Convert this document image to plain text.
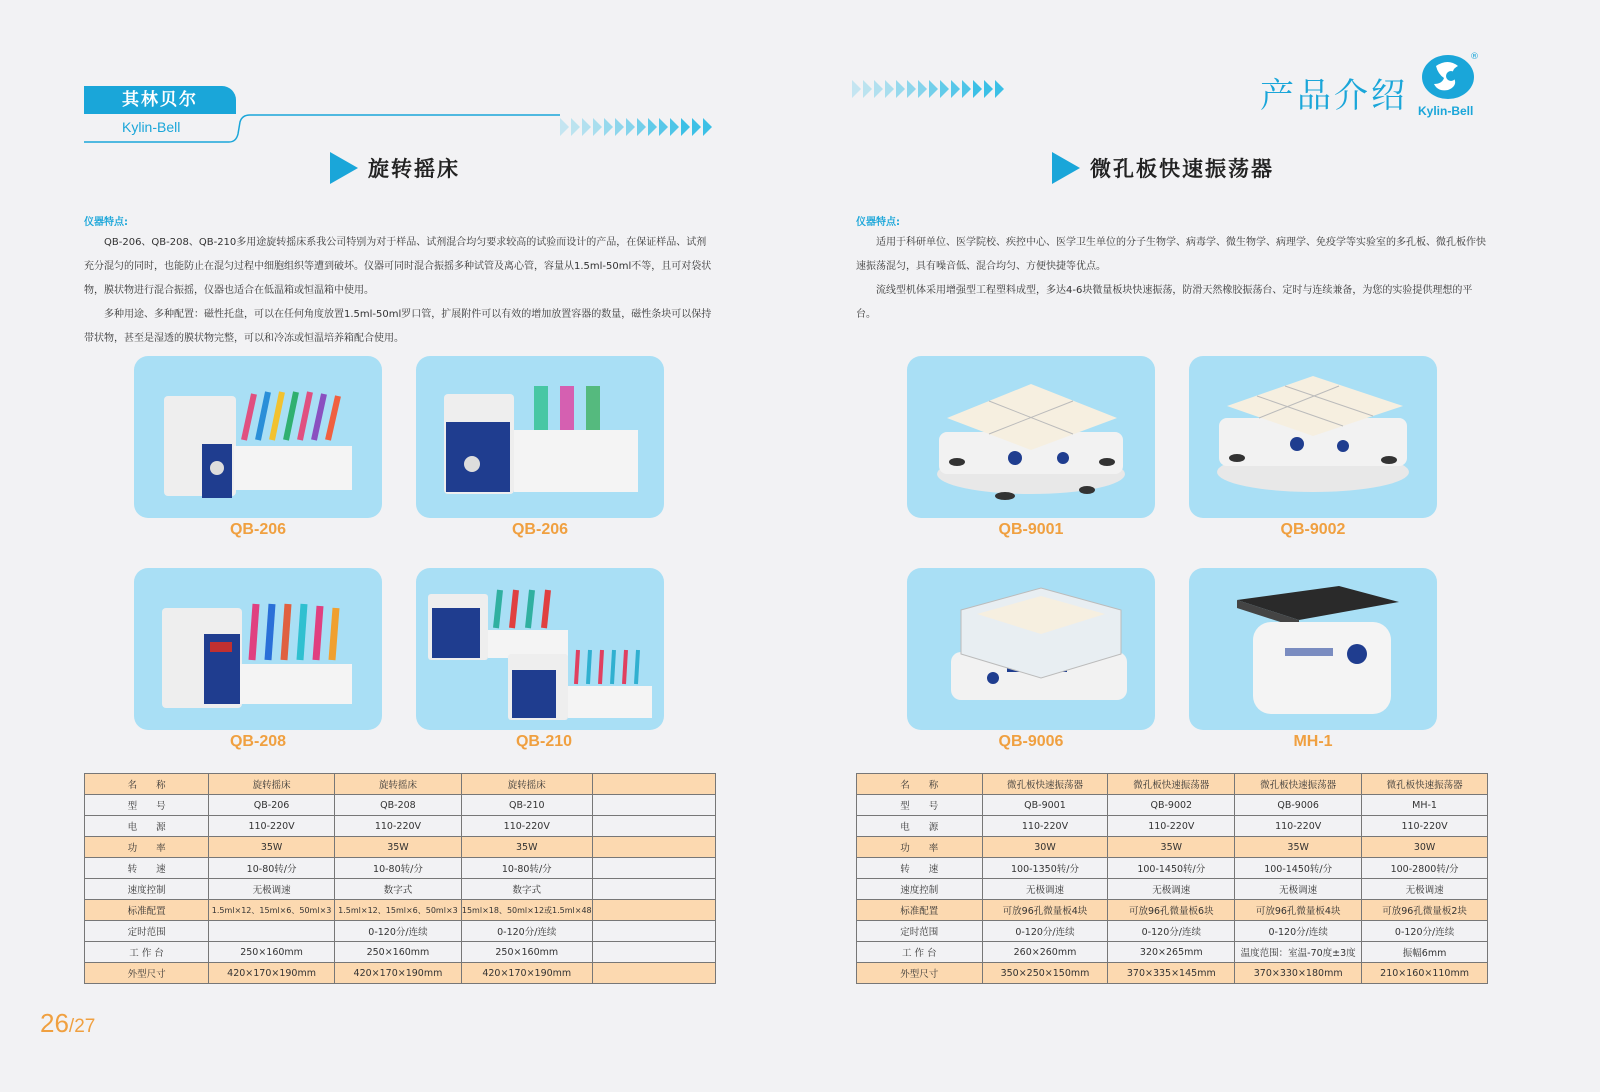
其林贝尔
Kylin-Bell
产品介绍
®
Kylin-Bell
旋转摇床	微孔板快速振荡器
仪器特点:

QB-206、QB-208、QB-210多用途旋转摇床系我公司特别为对于样品、试剂混合均匀要求较高的试验而设计的产品，在保证样品、试剂充分混匀的同时，也能防止在混匀过程中细胞组织等遭到破坏。仪器可同时混合振摇多种试管及离心管，容量从1.5ml-50ml不等，且可对袋状物，膜状物进行混合振摇，仪器也适合在低温箱或恒温箱中使用。

多种用途、多种配置：磁性托盘，可以在任何角度放置1.5ml-50ml罗口管，扩展附件可以有效的增加放置容器的数量，磁性条块可以保持带状物，甚至是湿透的膜状物完整，可以和冷冻或恒温培养箱配合使用。

仪器特点:

适用于科研单位、医学院校、疾控中心、医学卫生单位的分子生物学、病毒学、微生物学、病理学、免疫学等实验室的多孔板、微孔板作快速振荡混匀，具有噪音低、混合均匀、方便快捷等优点。

流线型机体采用增强型工程塑料成型，多达4-6块微量板块快速振荡，防滑天然橡胶振荡台、定时与连续兼备，为您的实验提供理想的平台。

QB-206	QB-206
QB-208	QB-210
QB-9001	QB-9002
QB-9006	MH-1
名　　称	旋转摇床	旋转摇床	旋转摇床	
型　　号	QB-206	QB-208	QB-210	
电　　源	110-220V	110-220V	110-220V	
功　　率	35W	35W	35W	
转　　速	10-80转/分	10-80转/分	10-80转/分	
速度控制	无极调速	数字式	数字式	
标准配置	1.5ml×12、15ml×6、50ml×3	1.5ml×12、15ml×6、50ml×3	15ml×18、50ml×12或1.5ml×48	
定时范围		0-120分/连续	0-120分/连续	
工 作 台	250×160mm	250×160mm	250×160mm	
外型尺寸	420×170×190mm	420×170×190mm	420×170×190mm	
名　　称	微孔板快速振荡器	微孔板快速振荡器	微孔板快速振荡器	微孔板快速振荡器
型　　号	QB-9001	QB-9002	QB-9006	MH-1
电　　源	110-220V	110-220V	110-220V	110-220V
功　　率	30W	35W	35W	30W
转　　速	100-1350转/分	100-1450转/分	100-1450转/分	100-2800转/分
速度控制	无极调速	无极调速	无极调速	无极调速
标准配置	可放96孔微量板4块	可放96孔微量板6块	可放96孔微量板4块	可放96孔微量板2块
定时范围	0-120分/连续	0-120分/连续	0-120分/连续	0-120分/连续
工 作 台	260×260mm	320×265mm	温度范围：室温-70度±3度	振幅6mm
外型尺寸	350×250×150mm	370×335×145mm	370×330×180mm	210×160×110mm
26/27
